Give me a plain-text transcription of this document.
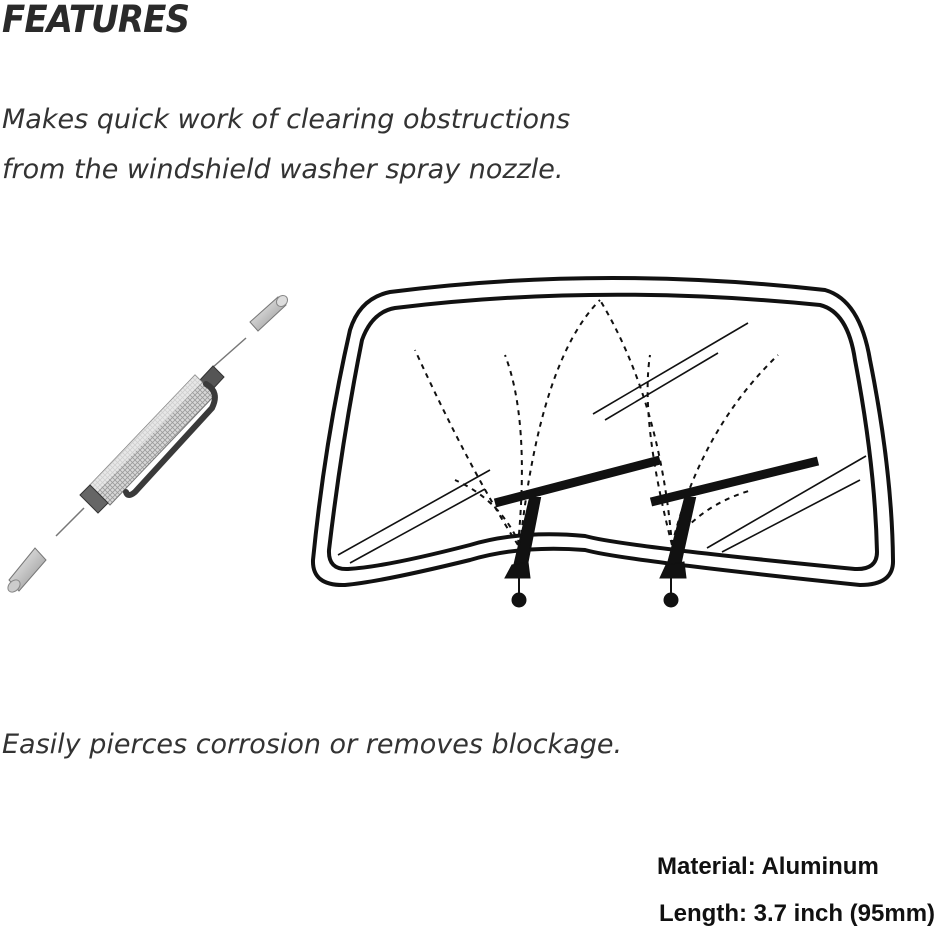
FEATURES
Makes quick work of clearing obstructions
from the windshield washer spray nozzle.
Easily pierces corrosion or removes blockage.
Material: Aluminum
Length: 3.7 inch (95mm)
